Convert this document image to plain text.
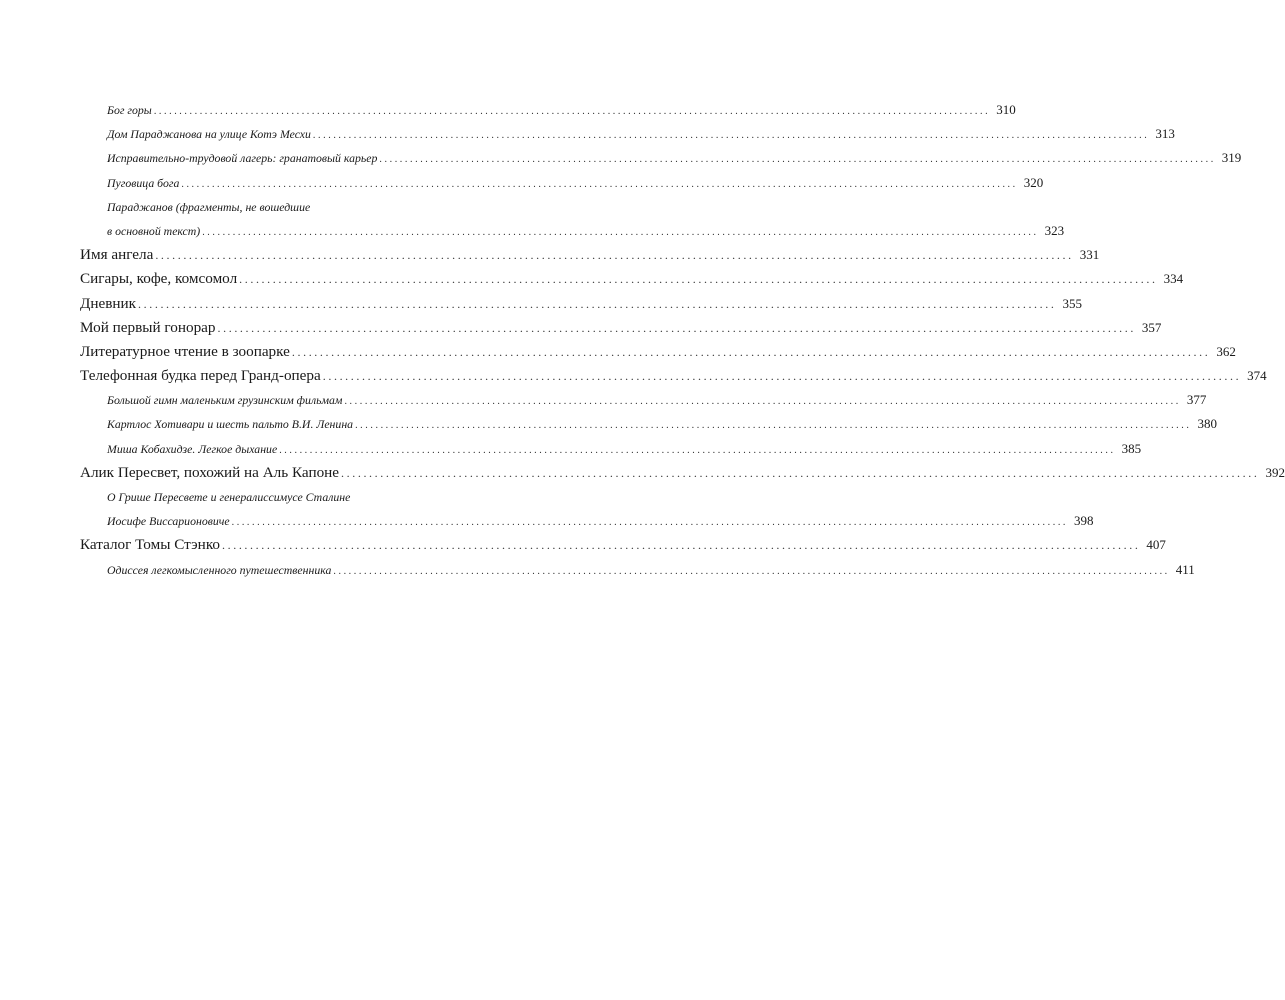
Бог горы .................................................................................................................................................................... 310
Дом Параджанова на улице Котэ Месхи .................................................................................................................................................................... 313
Исправительно-трудовой лагерь: гранатовый карьер .................................................................................................................................................................... 319
Пуговица бога .................................................................................................................................................................... 320
Параджанов (фрагменты, не вошедшие
в основной текст) .................................................................................................................................................................... 323
Имя ангела .................................................................................................................................................................... 331
Сигары, кофе, комсомол .................................................................................................................................................................... 334
Дневник .................................................................................................................................................................... 355
Мой первый гонорар .................................................................................................................................................................... 357
Литературное чтение в зоопарке .................................................................................................................................................................... 362
Телефонная будка перед Гранд-опера .................................................................................................................................................................... 374
Большой гимн маленьким грузинским фильмам .................................................................................................................................................................... 377
Картлос Хотивари и шесть пальто В.И. Ленина .................................................................................................................................................................... 380
Миша Кобахидзе. Легкое дыхание .................................................................................................................................................................... 385
Алик Пересвет, похожий на Аль Капоне .................................................................................................................................................................... 392
О Грише Пересвете и генералиссимусе Сталине
Иосифе Виссарионовиче .................................................................................................................................................................... 398
Каталог Томы Стэнко .................................................................................................................................................................... 407
Одиссея легкомысленного путешественника .................................................................................................................................................................... 411
